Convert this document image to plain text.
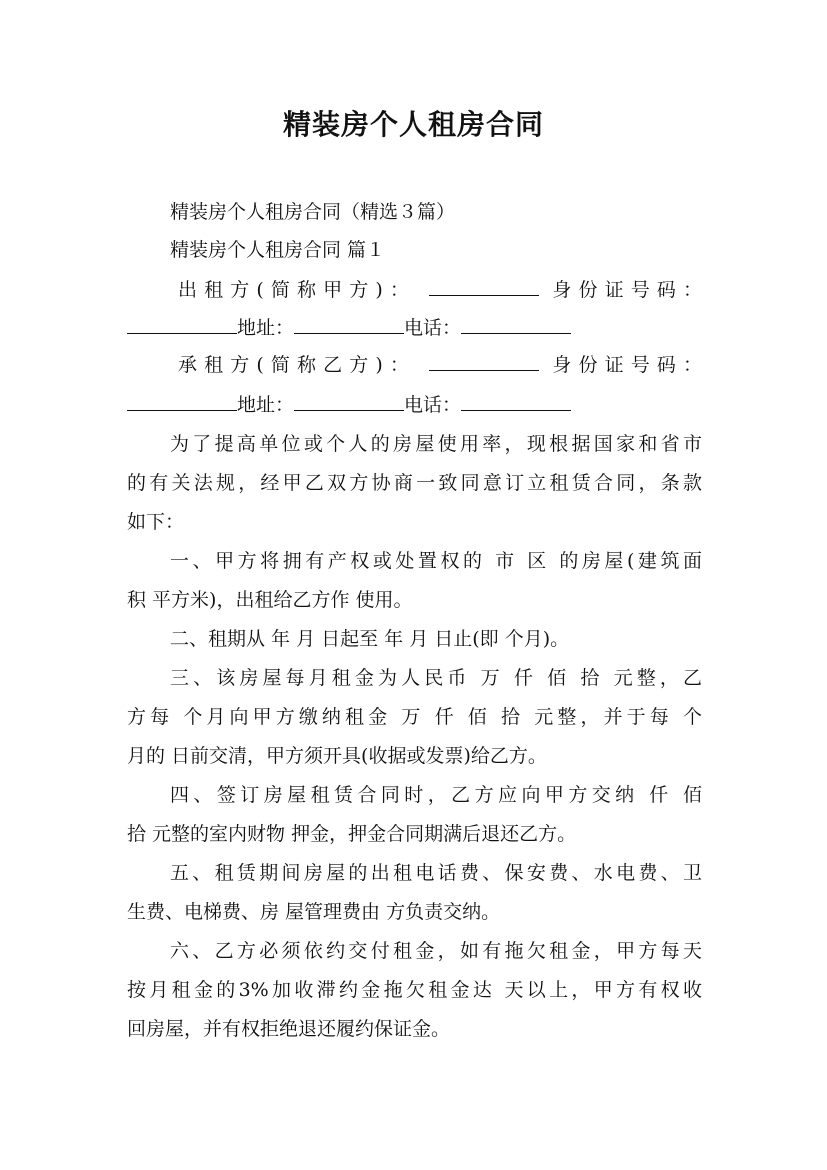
精装房个人租房合同
精装房个人租房合同（精选３篇）
精装房个人租房合同 篇１
出租方(简称甲方)：	身份证号码：
地址：	电话：
承租方(简称乙方)：	身份证号码：
地址：	电话：
为了提高单位或个人的房屋使用率，现根据国家和省市
的有关法规，经甲乙双方协商一致同意订立租赁合同，条款
如下：
一、甲方将拥有产权或处置权的 市 区 的房屋(建筑面
积 平方米)，出租给乙方作 使用。
二、租期从 年 月 日起至 年 月 日止(即 个月)。
三、该房屋每月租金为人民币 万 仟 佰 拾 元整，乙
方每 个月向甲方缴纳租金 万 仟 佰 拾 元整，并于每 个
月的 日前交清，甲方须开具(收据或发票)给乙方。
四、签订房屋租赁合同时，乙方应向甲方交纳 仟 佰
拾 元整的室内财物 押金，押金合同期满后退还乙方。
五、租赁期间房屋的出租电话费、保安费、水电费、卫
生费、电梯费、房 屋管理费由 方负责交纳。
六、乙方必须依约交付租金，如有拖欠租金，甲方每天
按月租金的3%加收滞约金拖欠租金达 天以上，甲方有权收
回房屋，并有权拒绝退还履约保证金。
